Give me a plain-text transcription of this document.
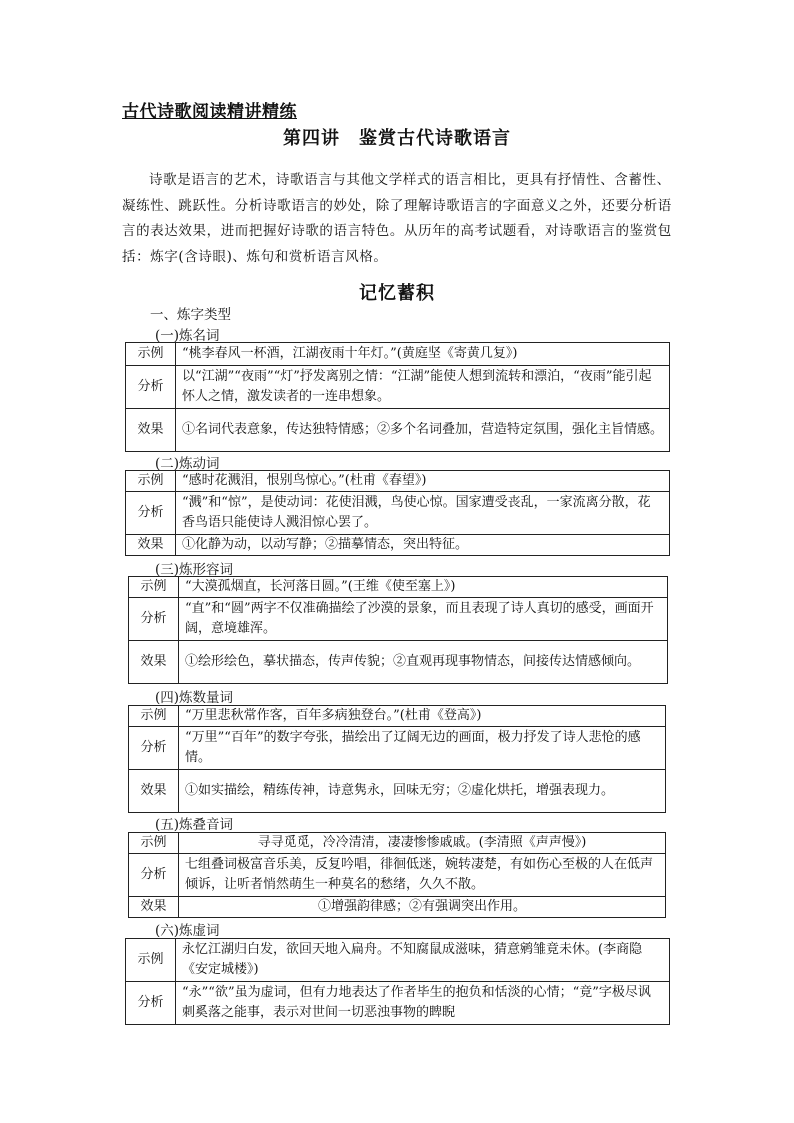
古代诗歌阅读精讲精练
第四讲　鉴赏古代诗歌语言

诗歌是语言的艺术，诗歌语言与其他文学样式的语言相比，更具有抒情性、含蓄性、凝练性、跳跃性。分析诗歌语言的妙处，除了理解诗歌语言的字面意义之外，还要分析语言的表达效果，进而把握好诗歌的语言特色。从历年的高考试题看，对诗歌语言的鉴赏包括：炼字(含诗眼)、炼句和赏析语言风格。

记忆蓄积
一、炼字类型
(一)炼名词
示例	“桃李春风一杯酒，江湖夜雨十年灯。”(黄庭坚《寄黄几复》)
分析	以“江湖”“夜雨”“灯”抒发离别之情：“江湖”能使人想到流转和漂泊，“夜雨”能引起怀人之情，激发读者的一连串想象。
效果	①名词代表意象，传达独特情感；②多个名词叠加，营造特定氛围，强化主旨情感。
(二)炼动词
示例	“感时花溅泪，恨别鸟惊心。”(杜甫《春望》)
分析	“溅”和“惊”，是使动词：花使泪溅，鸟使心惊。国家遭受丧乱，一家流离分散，花香鸟语只能使诗人溅泪惊心罢了。
效果	①化静为动，以动写静；②描摹情态，突出特征。
(三)炼形容词
示例	“大漠孤烟直，长河落日圆。”(王维《使至塞上》)
分析	“直”和“圆”两字不仅准确描绘了沙漠的景象，而且表现了诗人真切的感受，画面开阔，意境雄浑。
效果	①绘形绘色，摹状描态，传声传貌；②直观再现事物情态，间接传达情感倾向。
(四)炼数量词
示例	“万里悲秋常作客，百年多病独登台。”(杜甫《登高》)
分析	“万里”“百年”的数字夸张，描绘出了辽阔无边的画面，极力抒发了诗人悲怆的感情。
效果	①如实描绘，精练传神，诗意隽永，回味无穷；②虚化烘托，增强表现力。
(五)炼叠音词
示例	寻寻觅觅，冷冷清清，凄凄惨惨戚戚。(李清照《声声慢》)
分析	七组叠词极富音乐美，反复吟唱，徘徊低迷，婉转凄楚，有如伤心至极的人在低声倾诉，让听者悄然萌生一种莫名的愁绪，久久不散。
效果	①增强韵律感；②有强调突出作用。
(六)炼虚词
示例	永忆江湖归白发，欲回天地入扁舟。不知腐鼠成滋味，猜意鹓雏竟未休。(李商隐《安定城楼》)
分析	“永”“欲”虽为虚词，但有力地表达了作者毕生的抱负和恬淡的心情；“竟”字极尽讽刺奚落之能事，表示对世间一切恶浊事物的睥睨
